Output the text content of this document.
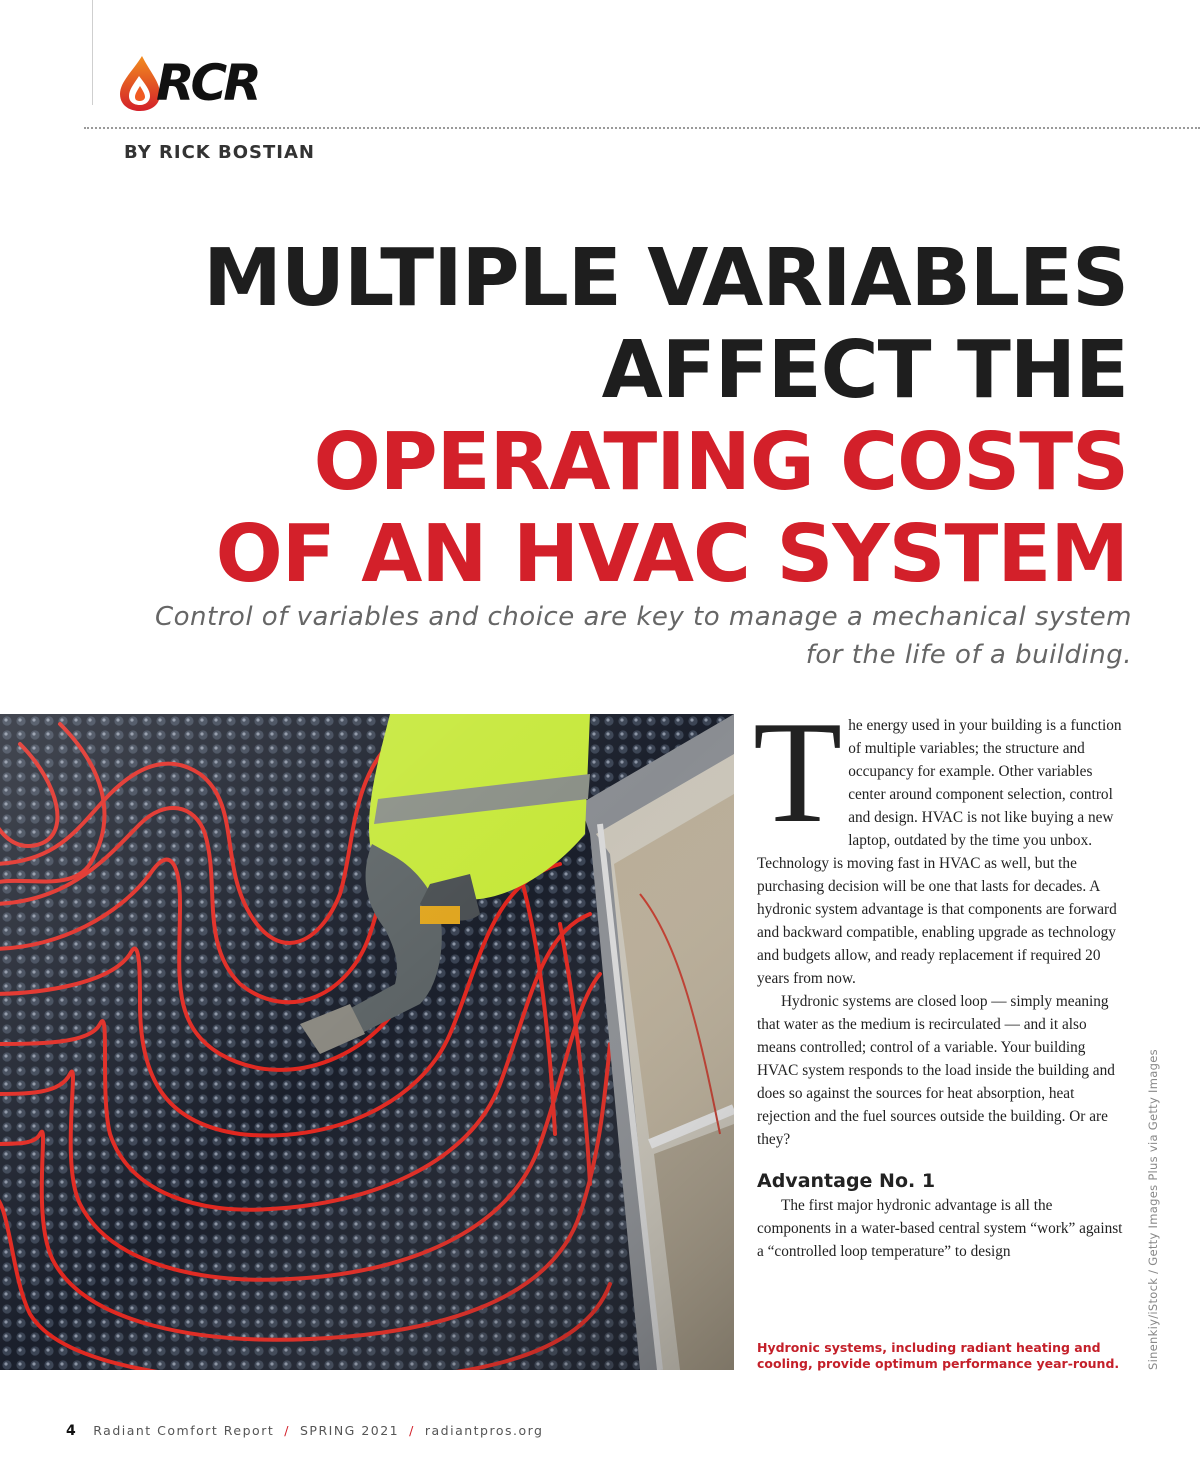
RCR
BY RICK BOSTIAN
MULTIPLE VARIABLES
AFFECT THE
OPERATING COSTS
OF AN HVAC SYSTEM
Control of variables and choice are key to manage a mechanical system for the life of a building.
T he energy used in your building is a function of multiple variables; the structure and occupancy for example. Other variables center around component selection, control and design. HVAC is not like buying a new laptop, outdated by the time you unbox. Technology is moving fast in HVAC as well, but the purchasing decision will be one that lasts for decades. A hydronic system advantage is that components are forward and backward compatible, enabling upgrade as technology and budgets allow, and ready replacement if required 20 years from now.

Hydronic systems are closed loop — simply meaning that water as the medium is recirculated — and it also means controlled; control of a variable. Your building HVAC system responds to the load inside the building and does so against the sources for heat absorption, heat rejection and the fuel sources outside the building. Or are they?

Advantage No. 1

The first major hydronic advantage is all the components in a water-based central system “work” against a “controlled loop temperature” to design

Hydronic systems, including radiant heating and cooling, provide optimum performance year-round.	Sinenkiy/iStock / Getty Images Plus via Getty Images
4 Radiant Comfort Report / SPRING 2021 / radiantpros.org
